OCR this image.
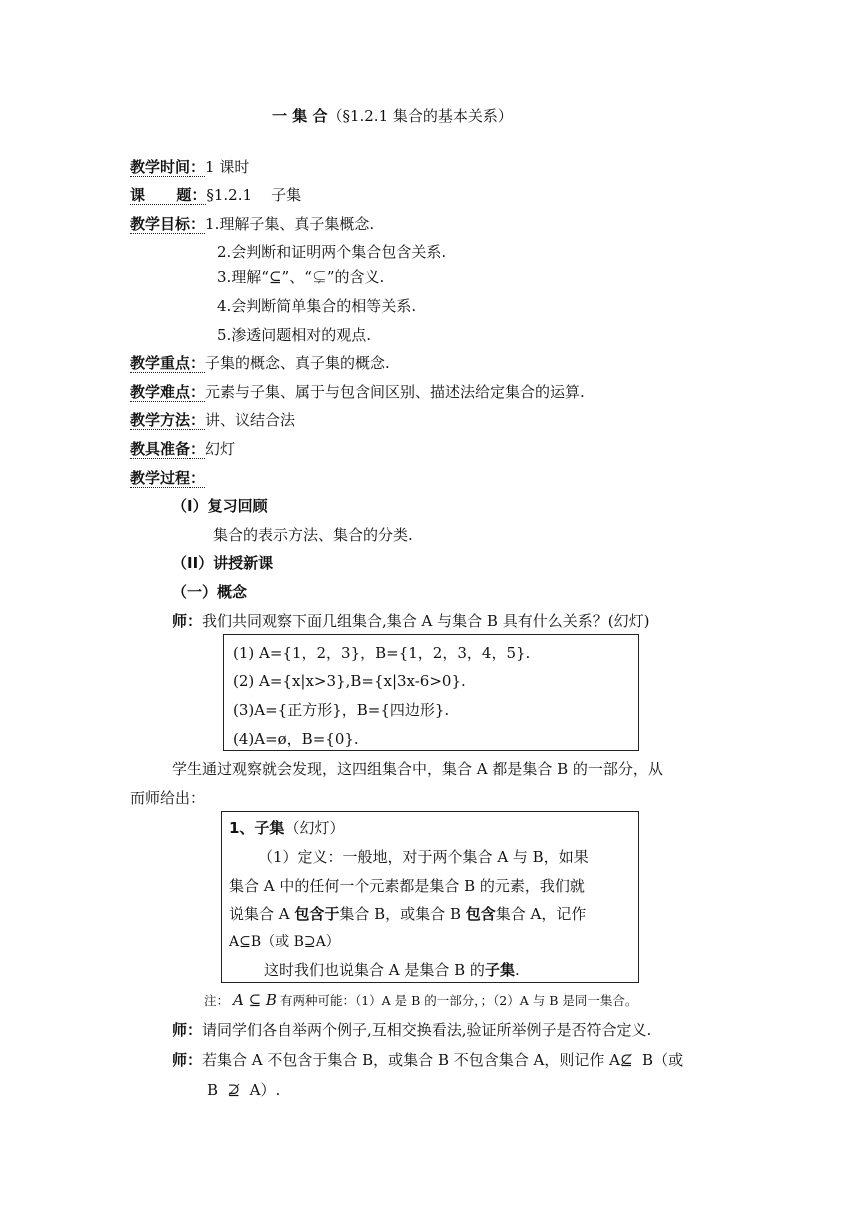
一 集 合（§1.2.1 集合的基本关系）
教学时间：1 课时
课      题：§1.2.1    子集
教学目标：1.理解子集、真子集概念.
2.会判断和证明两个集合包含关系.
3.理解“⊆”、“⊊”的含义.
4.会判断简单集合的相等关系.
5.渗透问题相对的观点.
教学重点：子集的概念、真子集的概念.
教学难点：元素与子集、属于与包含间区别、描述法给定集合的运算.
教学方法：讲、议结合法
教具准备：幻灯
教学过程：
（I）复习回顾
集合的表示方法、集合的分类.
（II）讲授新课
（一）概念
师：我们共同观察下面几组集合,集合 A 与集合 B 具有什么关系？(幻灯)
(1) A={1，2，3}，B={1，2，3，4，5}.
(2) A={x|x>3},B={x|3x-6>0}.
(3)A={正方形}，B={四边形}.
(4)A=ø，B={0}.
学生通过观察就会发现，这四组集合中，集合 A 都是集合 B 的一部分，从
而师给出：
1、子集（幻灯）
（1）定义：一般地，对于两个集合 A 与 B，如果
集合 A 中的任何一个元素都是集合 B 的元素，我们就
说集合 A 包含于集合 B，或集合 B 包含集合 A，记作
A⊆B（或 B⊇A）
这时我们也说集合 A 是集合 B 的子集.
注： A ⊆ B 有两种可能：（1）A 是 B 的一部分，；（2）A 与 B 是同一集合。
师：请同学们各自举两个例子,互相交换看法,验证所举例子是否符合定义.
师：若集合 A 不包含于集合 B，或集合 B 不包含集合 A，则记作 A⊈  B（或
B  ⊉  A）.
